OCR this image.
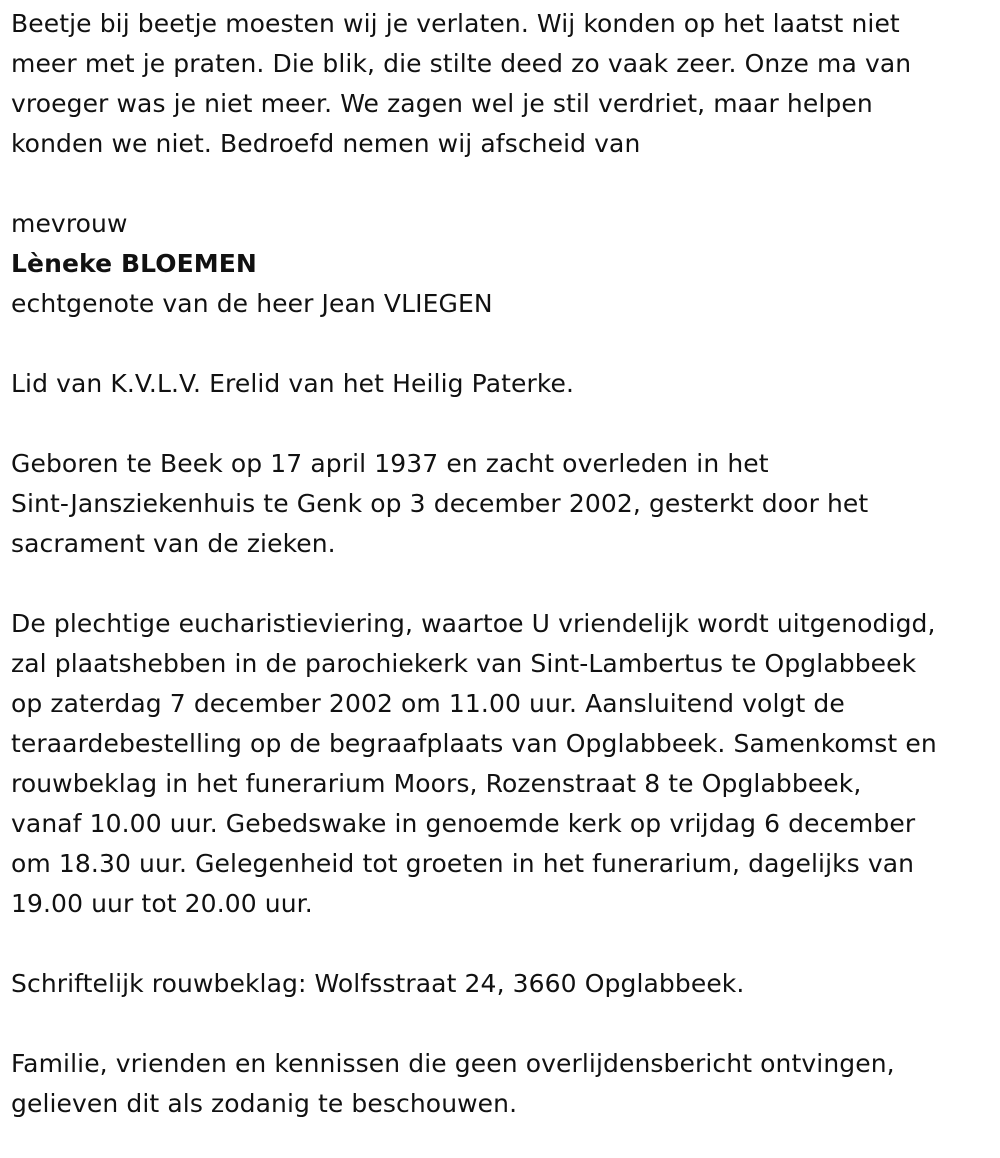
Beetje bij beetje moesten wij je verlaten. Wij konden op het laatst niet

meer met je praten. Die blik, die stilte deed zo vaak zeer. Onze ma van

vroeger was je niet meer. We zagen wel je stil verdriet, maar helpen

konden we niet. Bedroefd nemen wij afscheid van

mevrouw

Lèneke BLOEMEN

echtgenote van de heer Jean VLIEGEN

Lid van K.V.L.V. Erelid van het Heilig Paterke.

Geboren te Beek op 17 april 1937 en zacht overleden in het

Sint-Jansziekenhuis te Genk op 3 december 2002, gesterkt door het

sacrament van de zieken.

De plechtige eucharistieviering, waartoe U vriendelijk wordt uitgenodigd,

zal plaatshebben in de parochiekerk van Sint-Lambertus te Opglabbeek

op zaterdag 7 december 2002 om 11.00 uur. Aansluitend volgt de

teraardebestelling op de begraafplaats van Opglabbeek. Samenkomst en

rouwbeklag in het funerarium Moors, Rozenstraat 8 te Opglabbeek,

vanaf 10.00 uur. Gebedswake in genoemde kerk op vrijdag 6 december

om 18.30 uur. Gelegenheid tot groeten in het funerarium, dagelijks van

19.00 uur tot 20.00 uur.

Schriftelijk rouwbeklag: Wolfsstraat 24, 3660 Opglabbeek.

Familie, vrienden en kennissen die geen overlijdensbericht ontvingen,

gelieven dit als zodanig te beschouwen.
